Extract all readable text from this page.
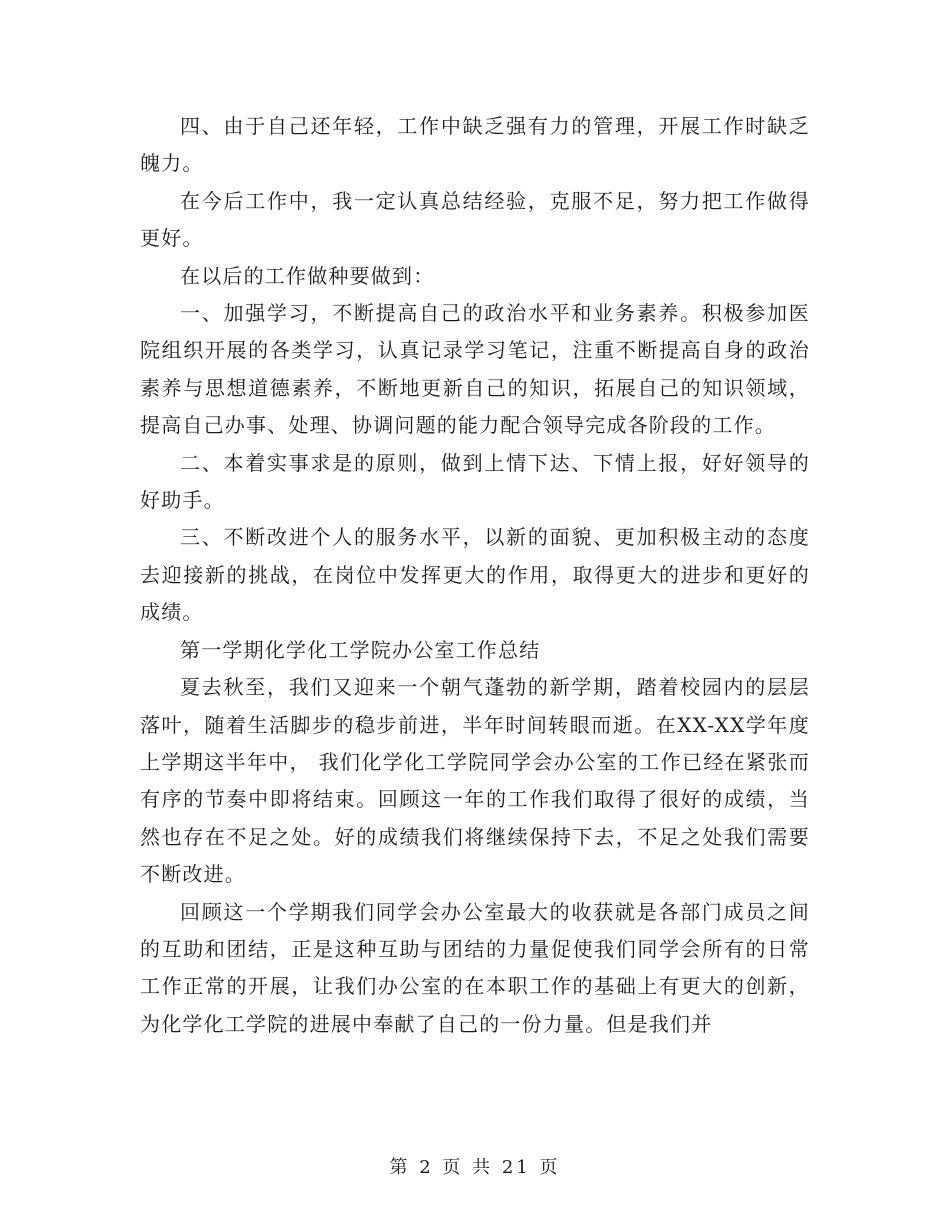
四、由于自己还年轻，工作中缺乏强有力的管理，开展工作时缺乏魄力。

在今后工作中，我一定认真总结经验，克服不足，努力把工作做得更好。

在以后的工作做种要做到：

一、加强学习，不断提高自己的政治水平和业务素养。积极参加医院组织开展的各类学习，认真记录学习笔记，注重不断提高自身的政治素养与思想道德素养，不断地更新自己的知识，拓展自己的知识领域，提高自己办事、处理、协调问题的能力配合领导完成各阶段的工作。

二、本着实事求是的原则，做到上情下达、下情上报，好好领导的好助手。

三、不断改进个人的服务水平，以新的面貌、更加积极主动的态度去迎接新的挑战，在岗位中发挥更大的作用，取得更大的进步和更好的成绩。

第一学期化学化工学院办公室工作总结

夏去秋至，我们又迎来一个朝气蓬勃的新学期，踏着校园内的层层落叶，随着生活脚步的稳步前进，半年时间转眼而逝。在XX-XX学年度上学期这半年中， 我们化学化工学院同学会办公室的工作已经在紧张而有序的节奏中即将结束。回顾这一年的工作我们取得了很好的成绩，当然也存在不足之处。好的成绩我们将继续保持下去，不足之处我们需要不断改进。

回顾这一个学期我们同学会办公室最大的收获就是各部门成员之间的互助和团结，正是这种互助与团结的力量促使我们同学会所有的日常工作正常的开展，让我们办公室的在本职工作的基础上有更大的创新，为化学化工学院的进展中奉献了自己的一份力量。但是我们并

第 2 页 共 21 页
